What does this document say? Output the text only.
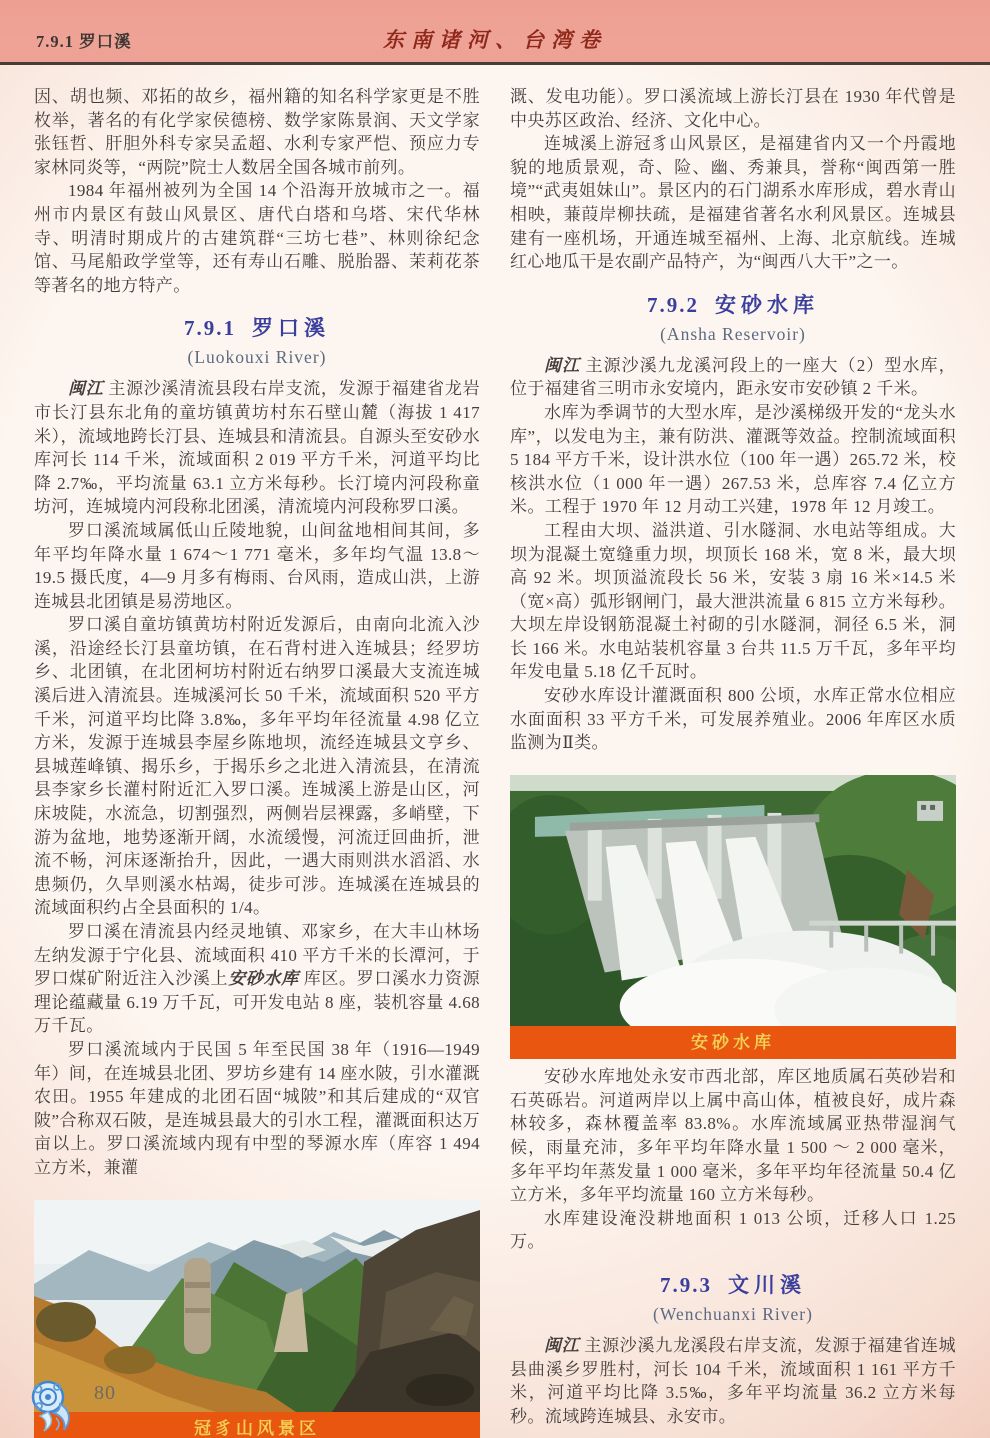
7.9.1 罗口溪	东南诸河、台湾卷

因、胡也频、邓拓的故乡，福州籍的知名科学家更是不胜枚举，著名的有化学家侯德榜、数学家陈景润、天文学家张钰哲、肝胆外科专家吴孟超、水利专家严恺、预应力专家林同炎等，“两院”院士人数居全国各城市前列。

1984 年福州被列为全国 14 个沿海开放城市之一。福州市内景区有鼓山风景区、唐代白塔和乌塔、宋代华林寺、明清时期成片的古建筑群“三坊七巷”、林则徐纪念馆、马尾船政学堂等，还有寿山石雕、脱胎器、茉莉花茶等著名的地方特产。

7.9.1 罗口溪
(Luokouxi River)

闽江 主源沙溪清流县段右岸支流，发源于福建省龙岩市长汀县东北角的童坊镇黄坊村东石壁山麓（海拔 1 417 米），流域地跨长汀县、连城县和清流县。自源头至安砂水库河长 114 千米，流域面积 2 019 平方千米，河道平均比降 2.7‰，平均流量 63.1 立方米每秒。长汀境内河段称童坊河，连城境内河段称北团溪，清流境内河段称罗口溪。

罗口溪流域属低山丘陵地貌，山间盆地相间其间，多年平均年降水量 1 674～1 771 毫米，多年均气温 13.8～19.5 摄氏度，4—9 月多有梅雨、台风雨，造成山洪，上游连城县北团镇是易涝地区。

罗口溪自童坊镇黄坊村附近发源后，由南向北流入沙溪，沿途经长汀县童坊镇，在石背村进入连城县；经罗坊乡、北团镇，在北团柯坊村附近右纳罗口溪最大支流连城溪后进入清流县。连城溪河长 50 千米，流域面积 520 平方千米，河道平均比降 3.8‰，多年平均年径流量 4.98 亿立方米，发源于连城县李屋乡陈地坝，流经连城县文亨乡、县城莲峰镇、揭乐乡，于揭乐乡之北进入清流县，在清流县李家乡长灌村附近汇入罗口溪。连城溪上游是山区，河床坡陡，水流急，切割强烈，两侧岩层裸露，多峭壁，下游为盆地，地势逐渐开阔，水流缓慢，河流迂回曲折，泄流不畅，河床逐渐抬升，因此，一遇大雨则洪水滔滔、水患频仍，久旱则溪水枯竭，徒步可涉。连城溪在连城县的流域面积约占全县面积的 1/4。

罗口溪在清流县内经灵地镇、邓家乡，在大丰山林场左纳发源于宁化县、流域面积 410 平方千米的长潭河，于罗口煤矿附近注入沙溪上安砂水库 库区。罗口溪水力资源理论蕴藏量 6.19 万千瓦，可开发电站 8 座，装机容量 4.68 万千瓦。

罗口溪流域内于民国 5 年至民国 38 年（1916—1949 年）间，在连城县北团、罗坊乡建有 14 座水陂，引水灌溉农田。1955 年建成的北团石固“城陂”和其后建成的“双官陂”合称双石陂，是连城县最大的引水工程，灌溉面积达万亩以上。罗口溪流域内现有中型的琴源水库（库容 1 494 立方米，兼灌

冠豸山风景区

溉、发电功能）。罗口溪流域上游长汀县在 1930 年代曾是中央苏区政治、经济、文化中心。

连城溪上游冠豸山风景区，是福建省内又一个丹霞地貌的地质景观，奇、险、幽、秀兼具，誉称“闽西第一胜境”“武夷姐妹山”。景区内的石门湖系水库形成，碧水青山相映，蒹葭岸柳扶疏，是福建省著名水利风景区。连城县建有一座机场，开通连城至福州、上海、北京航线。连城红心地瓜干是农副产品特产，为“闽西八大干”之一。

7.9.2 安砂水库
(Ansha Reservoir)

闽江 主源沙溪九龙溪河段上的一座大（2）型水库，位于福建省三明市永安境内，距永安市安砂镇 2 千米。

水库为季调节的大型水库，是沙溪梯级开发的“龙头水库”，以发电为主，兼有防洪、灌溉等效益。控制流域面积 5 184 平方千米，设计洪水位（100 年一遇）265.72 米，校核洪水位（1 000 年一遇）267.53 米，总库容 7.4 亿立方米。工程于 1970 年 12 月动工兴建，1978 年 12 月竣工。

工程由大坝、溢洪道、引水隧洞、水电站等组成。大坝为混凝土宽缝重力坝，坝顶长 168 米，宽 8 米，最大坝高 92 米。坝顶溢流段长 56 米，安装 3 扇 16 米×14.5 米（宽×高）弧形钢闸门，最大泄洪流量 6 815 立方米每秒。大坝左岸设钢筋混凝土衬砌的引水隧洞，洞径 6.5 米，洞长 166 米。水电站装机容量 3 台共 11.5 万千瓦，多年平均年发电量 5.18 亿千瓦时。

安砂水库设计灌溉面积 800 公顷，水库正常水位相应水面面积 33 平方千米，可发展养殖业。2006 年库区水质监测为Ⅱ类。

安砂水库

安砂水库地处永安市西北部，库区地质属石英砂岩和石英砾岩。河道两岸以上属中高山体，植被良好，成片森林较多，森林覆盖率 83.8%。水库流域属亚热带湿润气候，雨量充沛，多年平均年降水量 1 500 ～ 2 000 毫米，多年平均年蒸发量 1 000 毫米，多年平均年径流量 50.4 亿立方米，多年平均流量 160 立方米每秒。

水库建设淹没耕地面积 1 013 公顷，迁移人口 1.25 万。

7.9.3 文川溪
(Wenchuanxi River)

闽江 主源沙溪九龙溪段右岸支流，发源于福建省连城县曲溪乡罗胜村，河长 104 千米，流域面积 1 161 平方千米，河道平均比降 3.5‰，多年平均流量 36.2 立方米每秒。流域跨连城县、永安市。

80
